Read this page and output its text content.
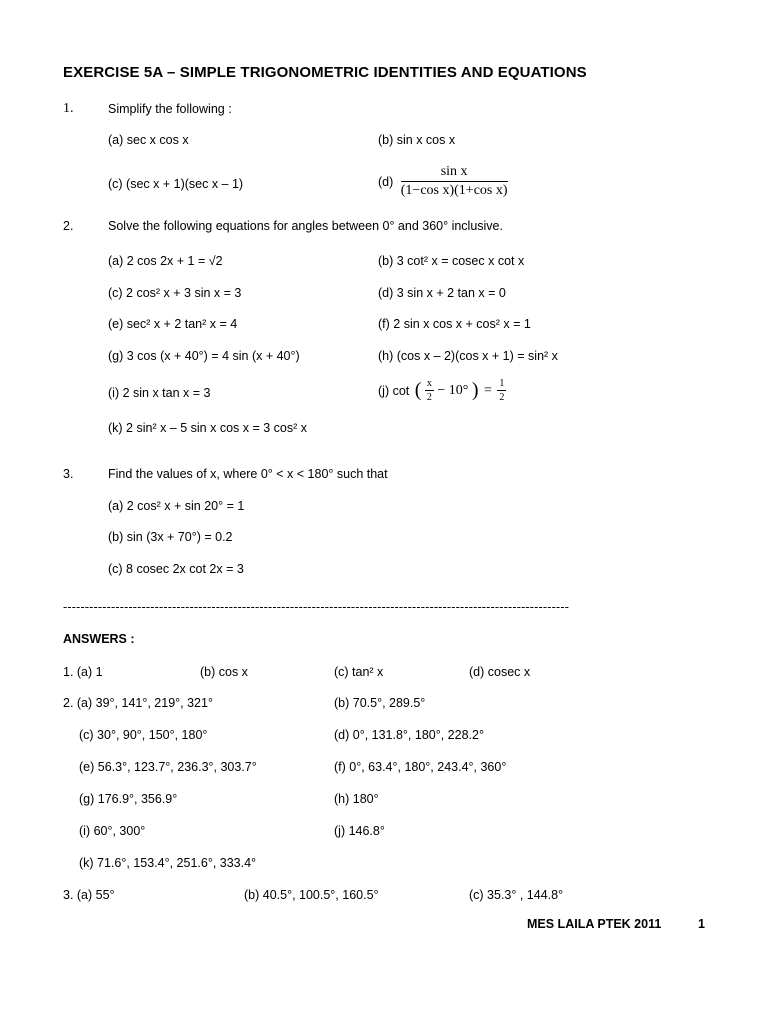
EXERCISE 5A – SIMPLE TRIGONOMETRIC IDENTITIES AND EQUATIONS
1.	Simplify the following :
(a) sec x cos x	(b) sin x cos x
(c) (sec x + 1)(sec x – 1)	$(d) \frac{\text{sin x}}{\text{(1−cos x)(1+cos x)}}$
2.	Solve the following equations for angles between 0° and 360° inclusive.
(a) 2 cos 2x + 1 = √2	(b) 3 cot² x = cosec x cot x
(c) 2 cos² x + 3 sin x = 3	(d) 3 sin x + 2 tan x = 0
(e) sec² x + 2 tan² x = 4	(f) 2 sin x cos x + cos² x = 1
(g) 3 cos (x + 40°) = 4 sin (x + 40°)	(h) (cos x – 2)(cos x + 1) = sin² x
(i) 2 sin x tan x = 3	(j) cot ( $\frac{x}{2} - 10^\circ$ ) = $\frac{1}{2}$
(k) 2 sin² x – 5 sin x cos x = 3 cos² x
3.	Find the values of x, where 0° < x < 180° such that
(a) 2 cos² x + sin 20° = 1
(b) sin (3x + 70°) = 0.2
(c) 8 cosec 2x cot 2x = 3
--------------------------------------------------------------------------------------------------------------------
ANSWERS :
1. (a) 1	(b) cos x	(c) tan² x	(d) cosec x
2. (a) 39°, 141°, 219°, 321°	(b) 70.5°, 289.5°
(c) 30°, 90°, 150°, 180°	(d) 0°, 131.8°, 180°, 228.2°
(e) 56.3°, 123.7°, 236.3°, 303.7°	(f) 0°, 63.4°, 180°, 243.4°, 360°
(g) 176.9°, 356.9°	(h) 180°
(i) 60°, 300°	(j) 146.8°
(k) 71.6°, 153.4°, 251.6°, 333.4°
3. (a) 55°	(b) 40.5°, 100.5°, 160.5°	(c) 35.3° , 144.8°
MES LAILA PTEK 2011	1
